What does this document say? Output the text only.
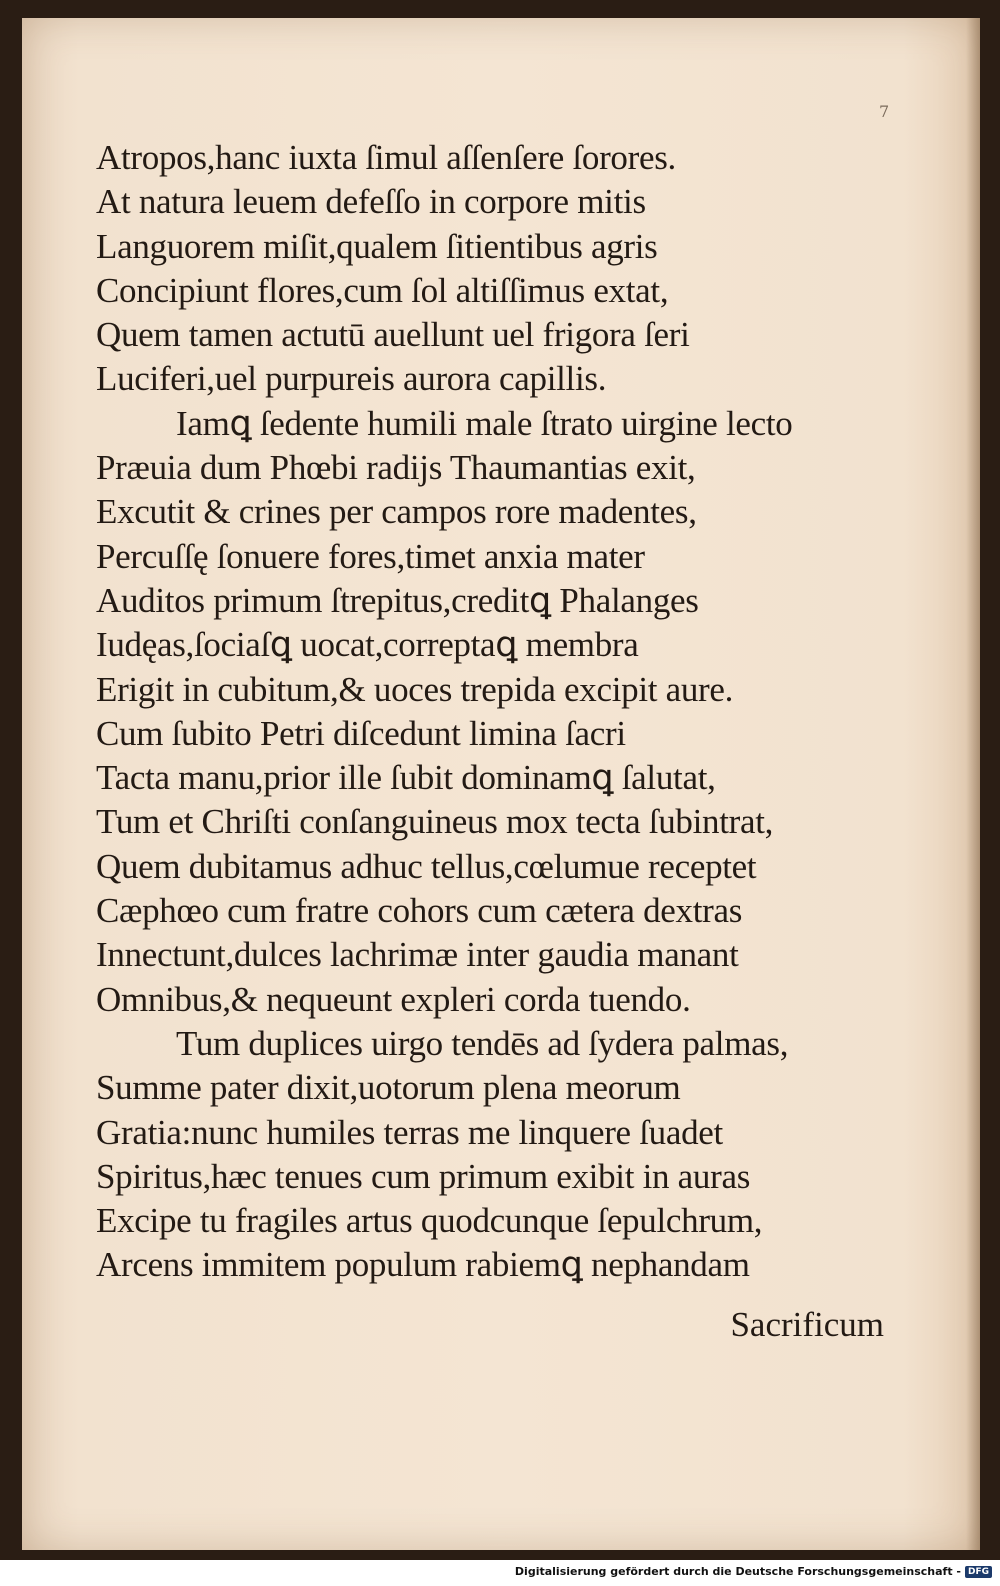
7
Atropos,hanc iuxta ſimul aſſenſere ſorores.
At natura leuem defeſſo in corpore mitis
Languorem miſit,qualem ſitientibus agris
Concipiunt flores,cum ſol altiſſimus extat,
Quem tamen actutū auellunt uel frigora ſeri
Luciferi,uel purpureis aurora capillis.
Iamꝗ ſedente humili male ſtrato uirgine lecto
Præuia dum Phœbi radijs Thaumantias exit,
Excutit & crines per campos rore madentes,
Percuſſę ſonuere fores,timet anxia mater
Auditos primum ſtrepitus,creditꝗ Phalanges
Iudęas,ſociaſꝗ uocat,correptaꝗ membra
Erigit in cubitum,& uoces trepida excipit aure.
Cum ſubito Petri diſcedunt limina ſacri
Tacta manu,prior ille ſubit dominamꝗ ſalutat,
Tum et Chriſti conſanguineus mox tecta ſubintrat,
Quem dubitamus adhuc tellus,cœlumue receptet
Cæphœo cum fratre cohors cum cætera dextras
Innectunt,dulces lachrimæ inter gaudia manant
Omnibus,& nequeunt expleri corda tuendo.
Tum duplices uirgo tendēs ad ſydera palmas,
Summe pater dixit,uotorum plena meorum
Gratia:nunc humiles terras me linquere ſuadet
Spiritus,hæc tenues cum primum exibit in auras
Excipe tu fragiles artus quodcunque ſepulchrum,
Arcens immitem populum rabiemꝗ nephandam
Sacrificum
Digitalisierung gefördert durch die Deutsche Forschungsgemeinschaft - DFG
